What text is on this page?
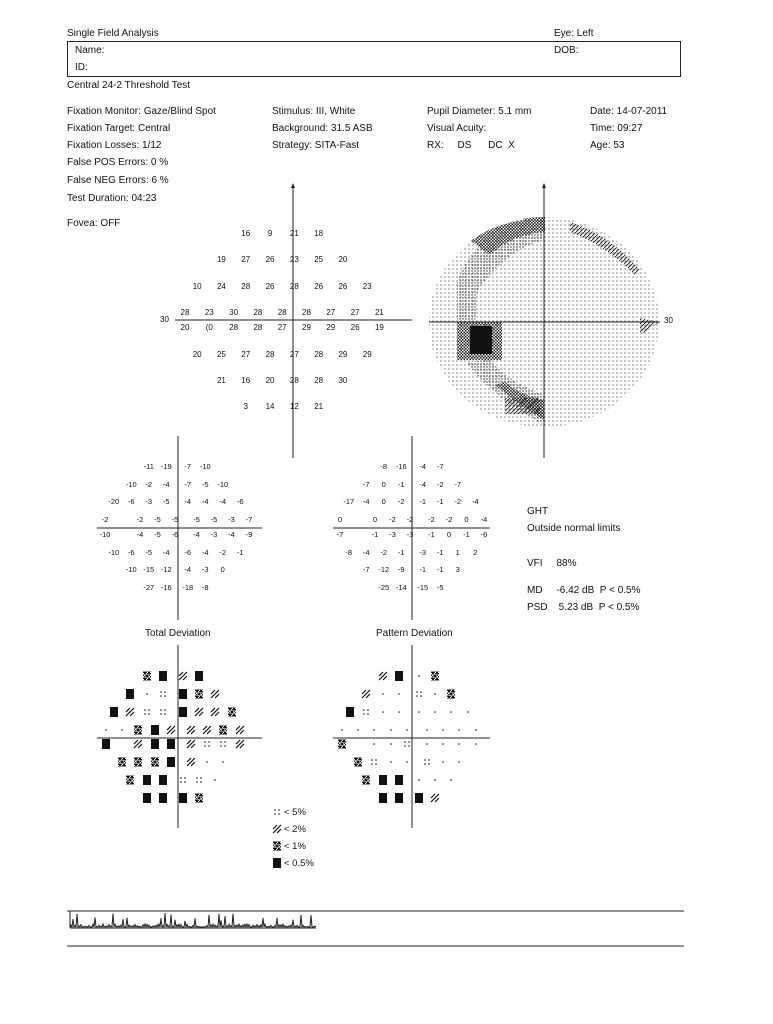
Single Field Analysis	Eye: Left
Name:	DOB:
ID:
Central 24-2 Threshold Test
Fixation Monitor: Gaze/Blind Spot
Fixation Target: Central
Fixation Losses: 1/12
False POS Errors: 0 %
False NEG Errors: 6 %
Test Duration: 04:23
Fovea: OFF
Stimulus: III, White
Background: 31.5 ASB
Strategy: SITA-Fast
Pupil Diameter: 5.1 mm
Visual Acuity:
RX:     DS      DC  X
Date: 14-07-2011
Time: 09:27
Age: 53
30	30
16	9	21	18
19	27	26	23	25	20
10	24	28	26	28	26	26	23
28	23	30	28	28	28	27	27	21
20	(0	28	28	27	29	29	26	19
20	25	27	28	27	28	29	29
21	16	20	28	28	30
3	14	12	21
-11 -19	-7	-10
-10	-2	-4	-7	-5	-10
-20	-6	-3	-5	-4	-4	-4	-6
-2	-2	-5	-5	-5	-5	-3	-7
-10	-4	-5	-6	-4	-3	-4	-9
-10	-6	-5	-4	-6	-4	-2	-1
-10 -15 -12	-4	-3	0
-27 -16	-18	-8
-8	-16	-4	-7
-7	0	-1	-4	-2	-7
-17	-4	0	-2	-1	-1	-2	-4
0	0	-2	-2	-2	-2	0	-4
-7	-1	-3	-3	-1	0	-1	-6
-8	-4	-2	-1	-3	-1	1	2
-7	-12	-9	-1	-1	3
-25 -14	-15	-5
GHT
Outside normal limits
VFI     88%
MD     -6.42 dB  P < 0.5%
PSD    5.23 dB  P < 0.5%
Total Deviation	Pattern Deviation
< 5%
< 2%
< 1%
< 0.5%
